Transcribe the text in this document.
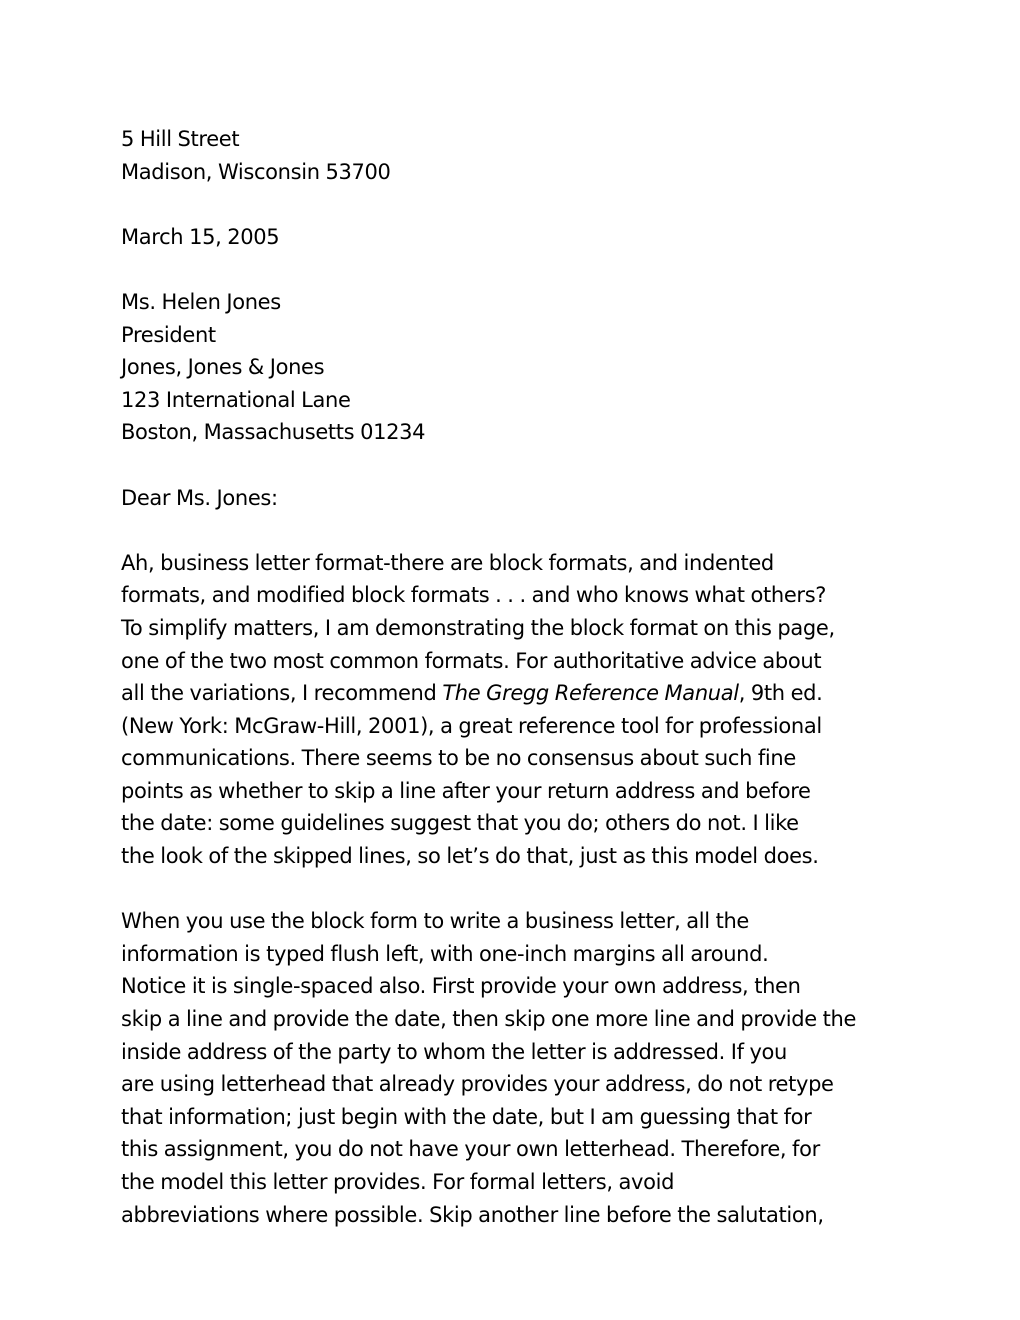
5 Hill Street
Madison, Wisconsin 53700
March 15, 2005
Ms. Helen Jones
President
Jones, Jones & Jones
123 International Lane
Boston, Massachusetts 01234
Dear Ms. Jones:
Ah, business letter format-there are block formats, and indented
formats, and modified block formats . . . and who knows what others?
To simplify matters, I am demonstrating the block format on this page,
one of the two most common formats. For authoritative advice about
all the variations, I recommend The Gregg Reference Manual, 9th ed.
(New York: McGraw-Hill, 2001), a great reference tool for professional
communications. There seems to be no consensus about such fine
points as whether to skip a line after your return address and before
the date: some guidelines suggest that you do; others do not. I like
the look of the skipped lines, so let’s do that, just as this model does.
When you use the block form to write a business letter, all the
information is typed flush left, with one-inch margins all around.
Notice it is single-spaced also. First provide your own address, then
skip a line and provide the date, then skip one more line and provide the
inside address of the party to whom the letter is addressed. If you
are using letterhead that already provides your address, do not retype
that information; just begin with the date, but I am guessing that for
this assignment, you do not have your own letterhead. Therefore, for
the model this letter provides. For formal letters, avoid
abbreviations where possible. Skip another line before the salutation,
